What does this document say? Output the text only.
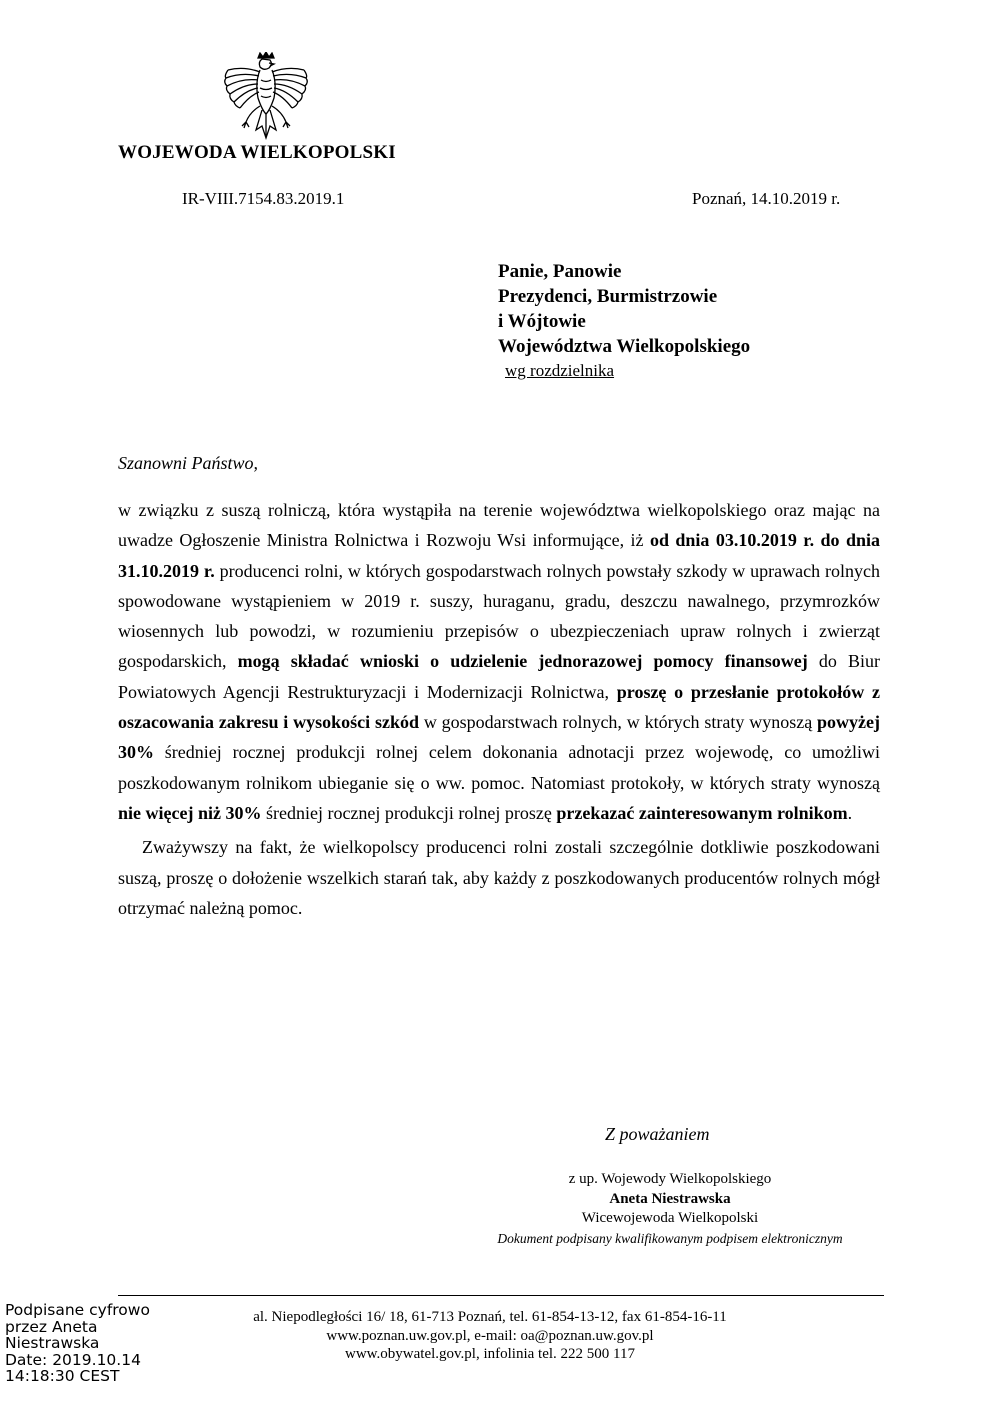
WOJEWODA WIELKOPOLSKI
IR-VIII.7154.83.2019.1	Poznań, 14.10.2019 r.
Panie, Panowie
Prezydenci, Burmistrzowie
i Wójtowie
Województwa Wielkopolskiego
wg rozdzielnika
Szanowni Państwo,

w związku z suszą rolniczą, która wystąpiła na terenie województwa wielkopolskiego oraz mając na uwadze Ogłoszenie Ministra Rolnictwa i Rozwoju Wsi informujące, iż od dnia 03.10.2019 r. do dnia 31.10.2019 r. producenci rolni, w których gospodarstwach rolnych powstały szkody w uprawach rolnych spowodowane wystąpieniem w 2019 r. suszy, huraganu, gradu, deszczu nawalnego, przymrozków wiosennych lub powodzi, w rozumieniu przepisów o ubezpieczeniach upraw rolnych i zwierząt gospodarskich, mogą składać wnioski o udzielenie jednorazowej pomocy finansowej do Biur Powiatowych Agencji Restrukturyzacji i Modernizacji Rolnictwa, proszę o przesłanie protokołów z oszacowania zakresu i wysokości szkód w gospodarstwach rolnych, w których straty wynoszą powyżej 30% średniej rocznej produkcji rolnej celem dokonania adnotacji przez wojewodę, co umożliwi poszkodowanym rolnikom ubieganie się o ww. pomoc. Natomiast protokoły, w których straty wynoszą nie więcej niż 30% średniej rocznej produkcji rolnej proszę przekazać zainteresowanym rolnikom.

Zważywszy na fakt, że wielkopolscy producenci rolni zostali szczególnie dotkliwie poszkodowani suszą, proszę o dołożenie wszelkich starań tak, aby każdy z poszkodowanych producentów rolnych mógł otrzymać należną pomoc.

Z poważaniem
z up. Wojewody Wielkopolskiego
Aneta Niestrawska
Wicewojewoda Wielkopolski
Dokument podpisany kwalifikowanym podpisem elektronicznym
al. Niepodległości 16/ 18, 61-713 Poznań, tel. 61-854-13-12, fax 61-854-16-11
www.poznan.uw.gov.pl, e-mail: oa@poznan.uw.gov.pl
www.obywatel.gov.pl, infolinia tel. 222 500 117
Podpisane cyfrowo
przez Aneta
Niestrawska
Date: 2019.10.14
14:18:30 CEST
